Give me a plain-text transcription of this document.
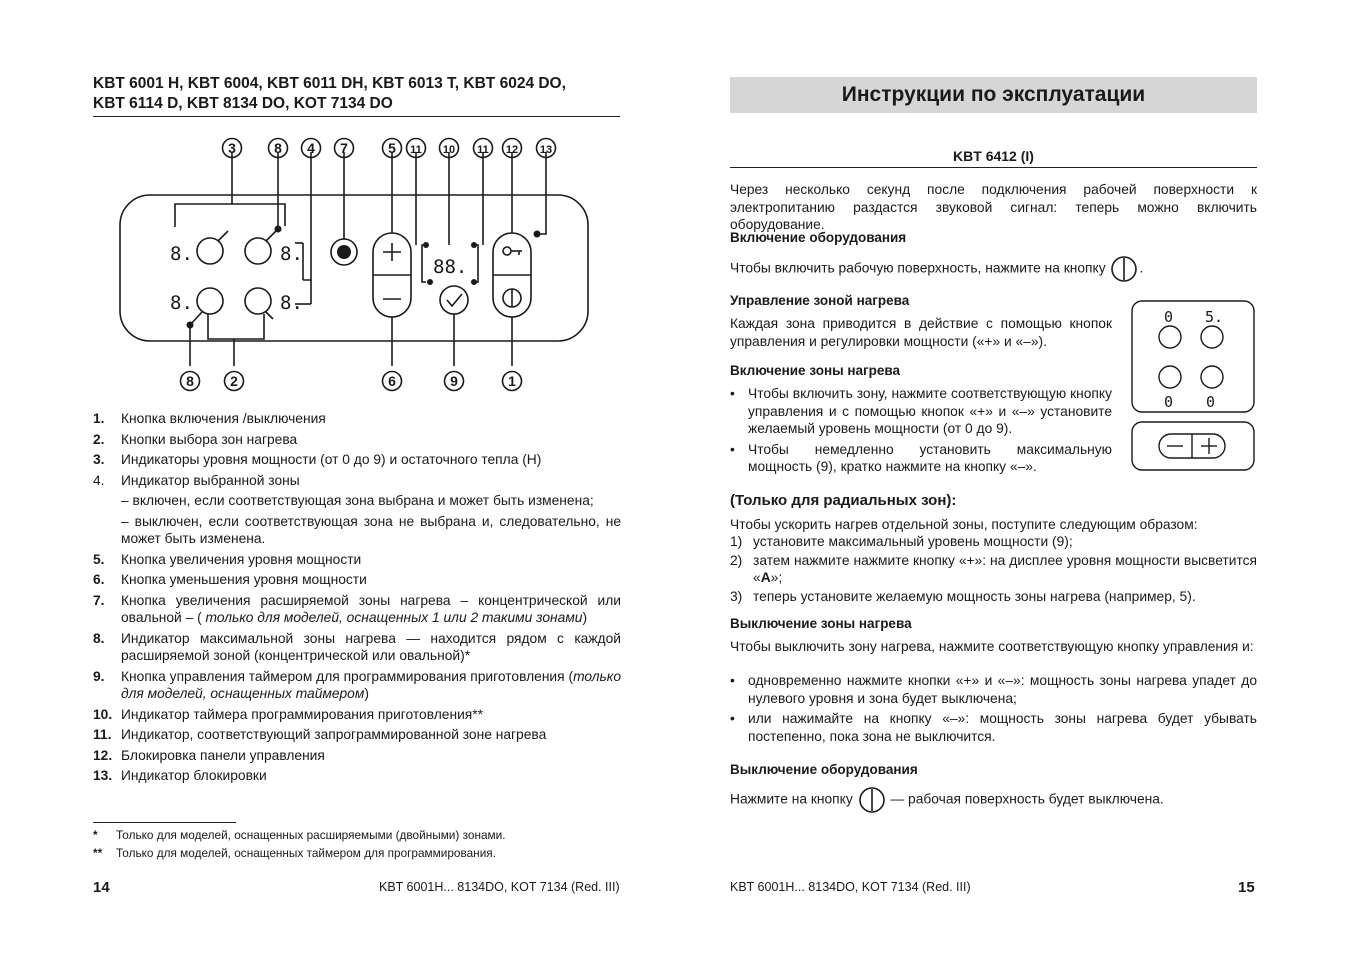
KBT 6001 H, KBT 6004, KBT 6011 DH, KBT 6013 T, KBT 6024 DO,
KBT 6114 D, KBT 8134 DO, KOT 7134 DO
3	8 4 7	5 11 10 11 12 13
8	2	6	9	1
8.	8.
8.	8.
88.
1.	Кнопка включения /выключения
2.	Кнопки выбора зон нагрева
3.	Индикаторы уровня мощности (от 0 до 9) и остаточного тепла (H)
4.	Индикатор выбранной зоны
– включен, если соответствующая зона выбрана и может быть изменена;
– выключен, если соответствующая зона не выбрана и, следовательно, не может быть изменена.
5.	Кнопка увеличения уровня мощности
6.	Кнопка уменьшения уровня мощности
7.	Кнопка увеличения расширяемой зоны нагрева – концентрической или овальной – ( только для моделей, оснащенных 1 или 2 такими зонами)
8.	Индикатор максимальной зоны нагрева — находится рядом с каждой расширяемой зоной (концентрической или овальной)*
9.	Кнопка управления таймером для программирования приготовления (только для моделей, оснащенных таймером)
10. Индикатор таймера программирования приготовления**
11. Индикатор, соответствующий запрограммированной зоне нагрева
12. Блокировка панели управления
13. Индикатор блокировки
*	Только для моделей, оснащенных расширяемыми (двойными) зонами.
**	Только для моделей, оснащенных таймером для программирования.
14	KBT 6001H... 8134DO, KOT 7134 (Red. III)
Инструкции по эксплуатации
KBT 6412 (I)
Через несколько секунд после подключения рабочей поверхности к электропитанию раздастся звуковой сигнал: теперь можно включить оборудование.
Включение оборудования
Чтобы включить рабочую поверхность, нажмите на кнопку .
Управление зоной нагрева
Каждая зона приводится в действие с помощью кнопок управления и регулировки мощности («+» и «–»).
Включение зоны нагрева
• Чтобы включить зону, нажмите соответствующую кнопку управления и с помощью кнопок «+» и «–» установите желаемый уровень мощности (от 0 до 9).
• Чтобы немедленно установить максимальную мощность (9), кратко нажмите на кнопку «–».
0 5.
0 0
(Только для радиальных зон):
Чтобы ускорить нагрев отдельной зоны, поступите следующим образом:
1) установите максимальный уровень мощности (9);
2) затем нажмите нажмите кнопку «+»: на дисплее уровня мощности высветится «A»;
3) теперь установите желаемую мощность зоны нагрева (например, 5).
Выключение зоны нагрева
Чтобы выключить зону нагрева, нажмите соответствующую кнопку управления и:
• одновременно нажмите кнопки «+» и «–»: мощность зоны нагрева упадет до нулевого уровня и зона будет выключена;
• или нажимайте на кнопку «–»: мощность зоны нагрева будет убывать постепенно, пока зона не выключится.
Выключение оборудования
Нажмите на кнопку  — рабочая поверхность будет выключена.
KBT 6001H... 8134DO, KOT 7134 (Red. III)	15
